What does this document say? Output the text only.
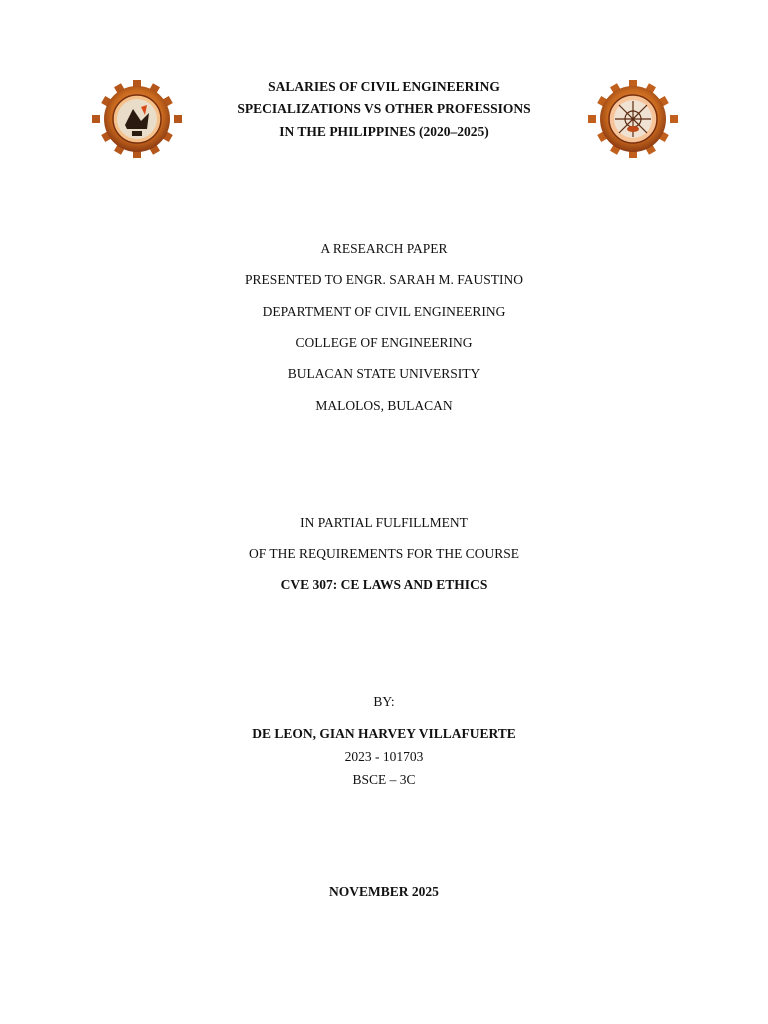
SALARIES OF CIVIL ENGINEERING
SPECIALIZATIONS VS OTHER PROFESSIONS
IN THE PHILIPPINES (2020–2025)
A RESEARCH PAPER
PRESENTED TO ENGR. SARAH M. FAUSTINO
DEPARTMENT OF CIVIL ENGINEERING
COLLEGE OF ENGINEERING
BULACAN STATE UNIVERSITY
MALOLOS, BULACAN
IN PARTIAL FULFILLMENT
OF THE REQUIREMENTS FOR THE COURSE
CVE 307: CE LAWS AND ETHICS
BY:
DE LEON, GIAN HARVEY VILLAFUERTE
2023 - 101703
BSCE – 3C
NOVEMBER 2025
